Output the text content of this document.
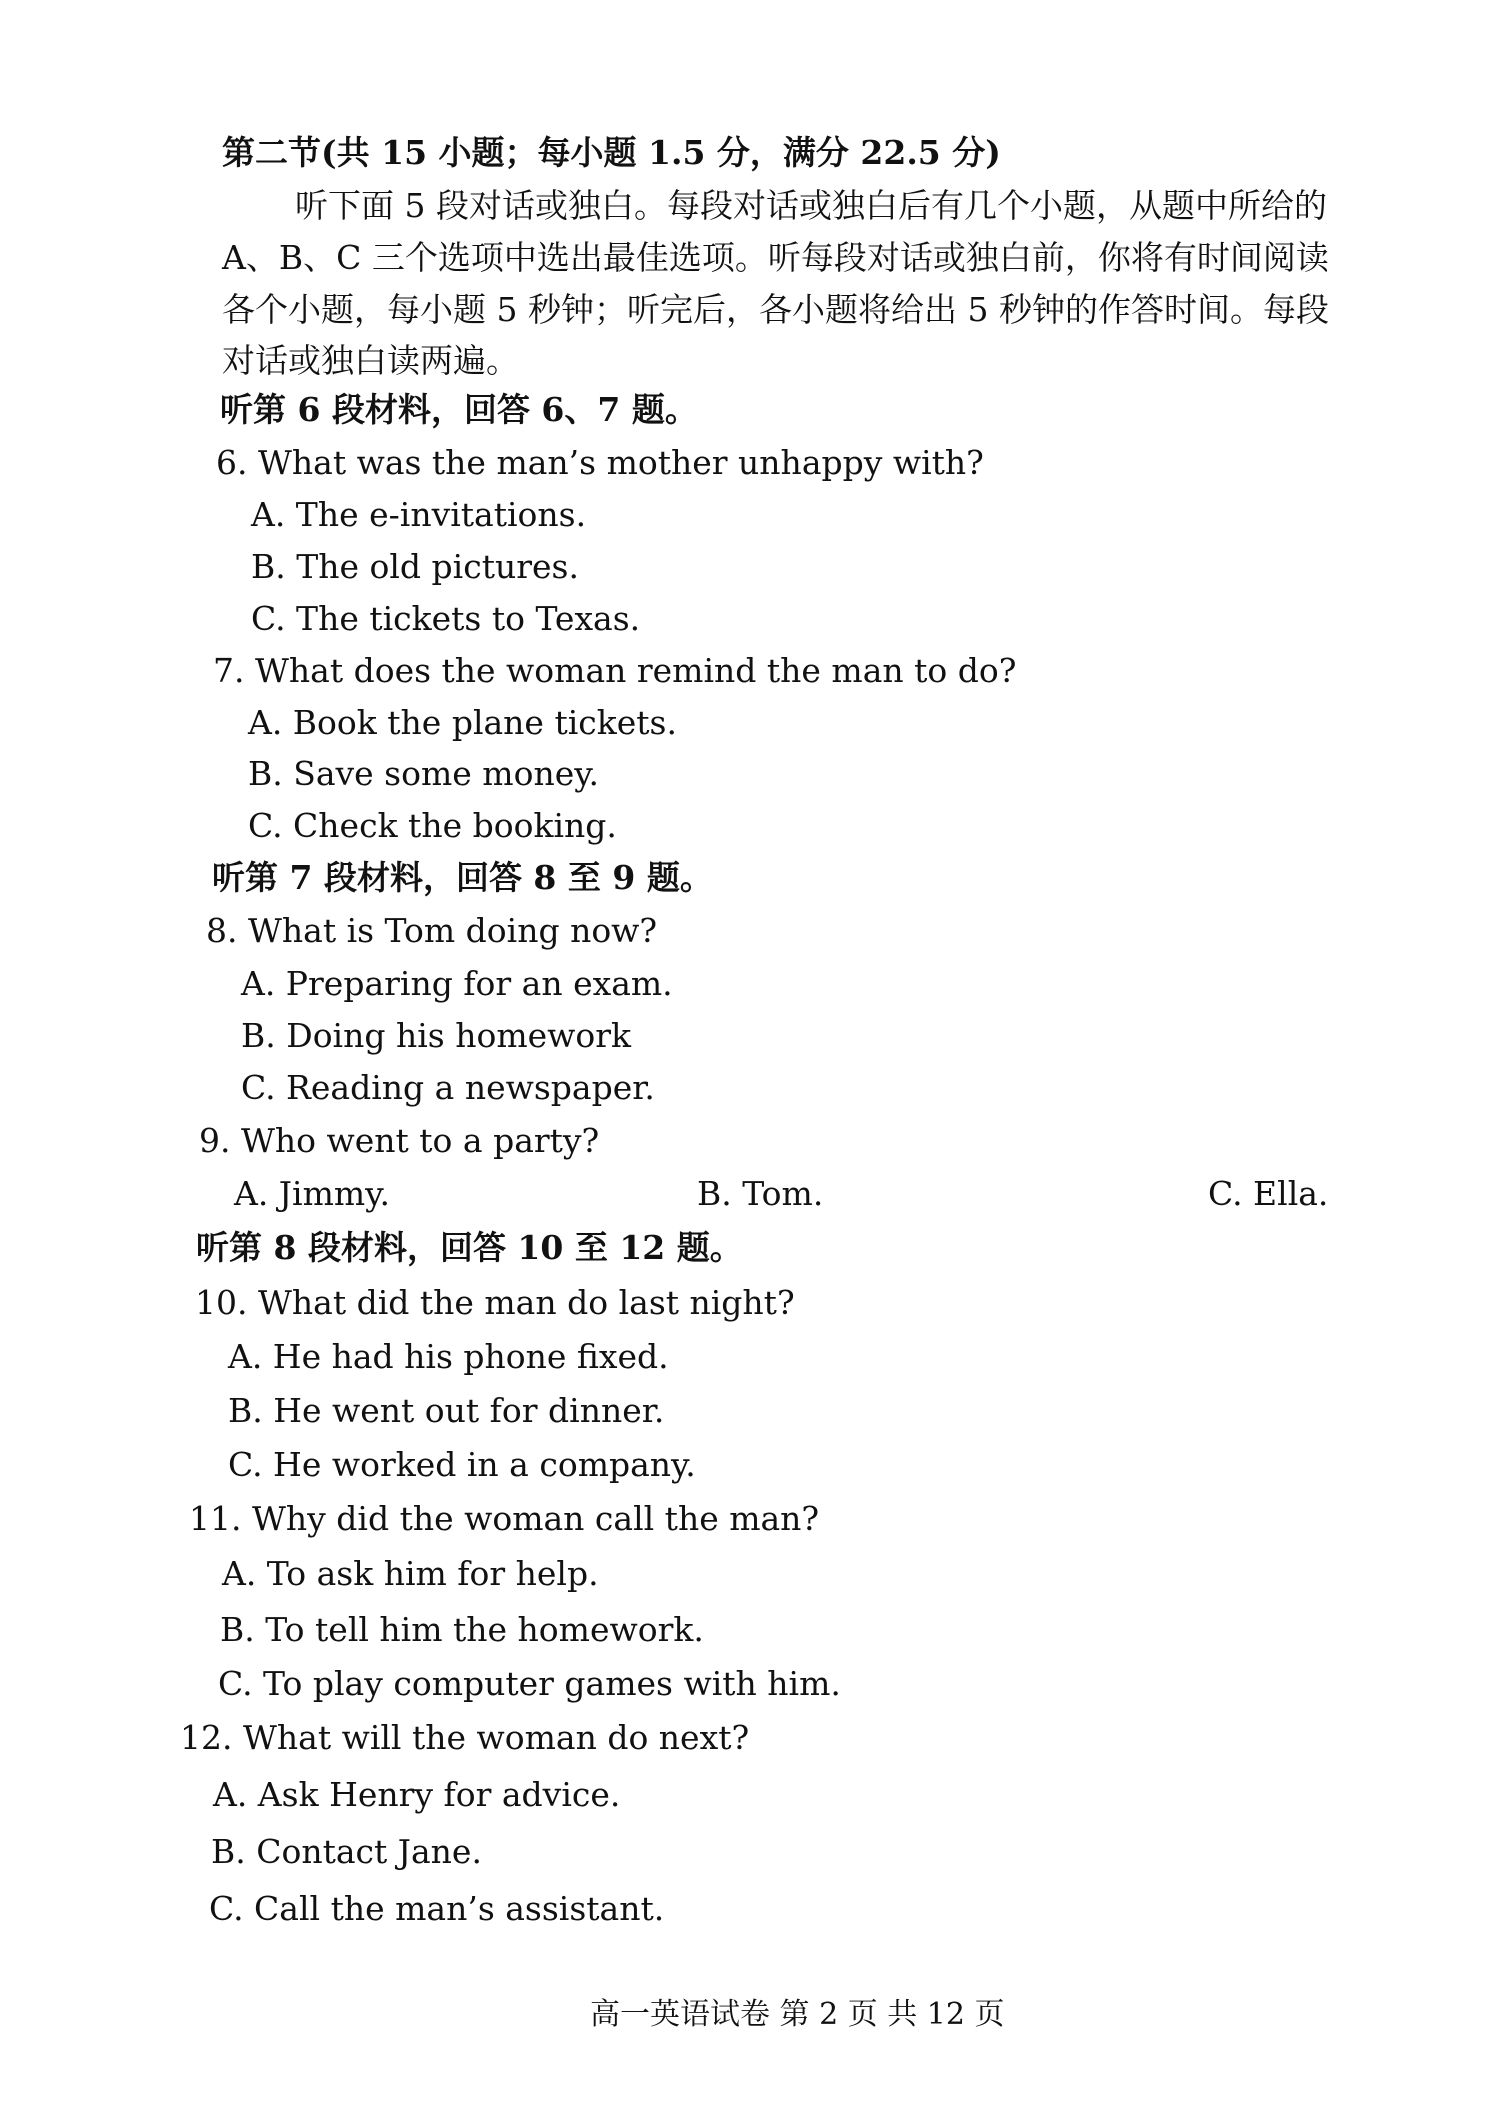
第二节(共 15 小题；每小题 1.5 分，满分 22.5 分)
听下面 5 段对话或独白。每段对话或独白后有几个小题，从题中所给的
A、B、C 三个选项中选出最佳选项。听每段对话或独白前，你将有时间阅读
各个小题，每小题 5 秒钟；听完后，各小题将给出 5 秒钟的作答时间。每段
对话或独白读两遍。
听第 6 段材料，回答 6、7 题。
6. What was the man’s mother unhappy with?
A. The e-invitations.
B. The old pictures.
C. The tickets to Texas.
7. What does the woman remind the man to do?
A. Book the plane tickets.
B. Save some money.
C. Check the booking.
听第 7 段材料，回答 8 至 9 题。
8. What is Tom doing now?
A. Preparing for an exam.
B. Doing his homework
C. Reading a newspaper.
9. Who went to a party?
A. Jimmy.	B. Tom.	C. Ella.
听第 8 段材料，回答 10 至 12 题。
10. What did the man do last night?
A. He had his phone fixed.
B. He went out for dinner.
C. He worked in a company.
11. Why did the woman call the man?
A. To ask him for help.
B. To tell him the homework.
C. To play computer games with him.
12. What will the woman do next?
A. Ask Henry for advice.
B. Contact Jane.
C. Call the man’s assistant.
高一英语试卷 第 2 页 共 12 页
